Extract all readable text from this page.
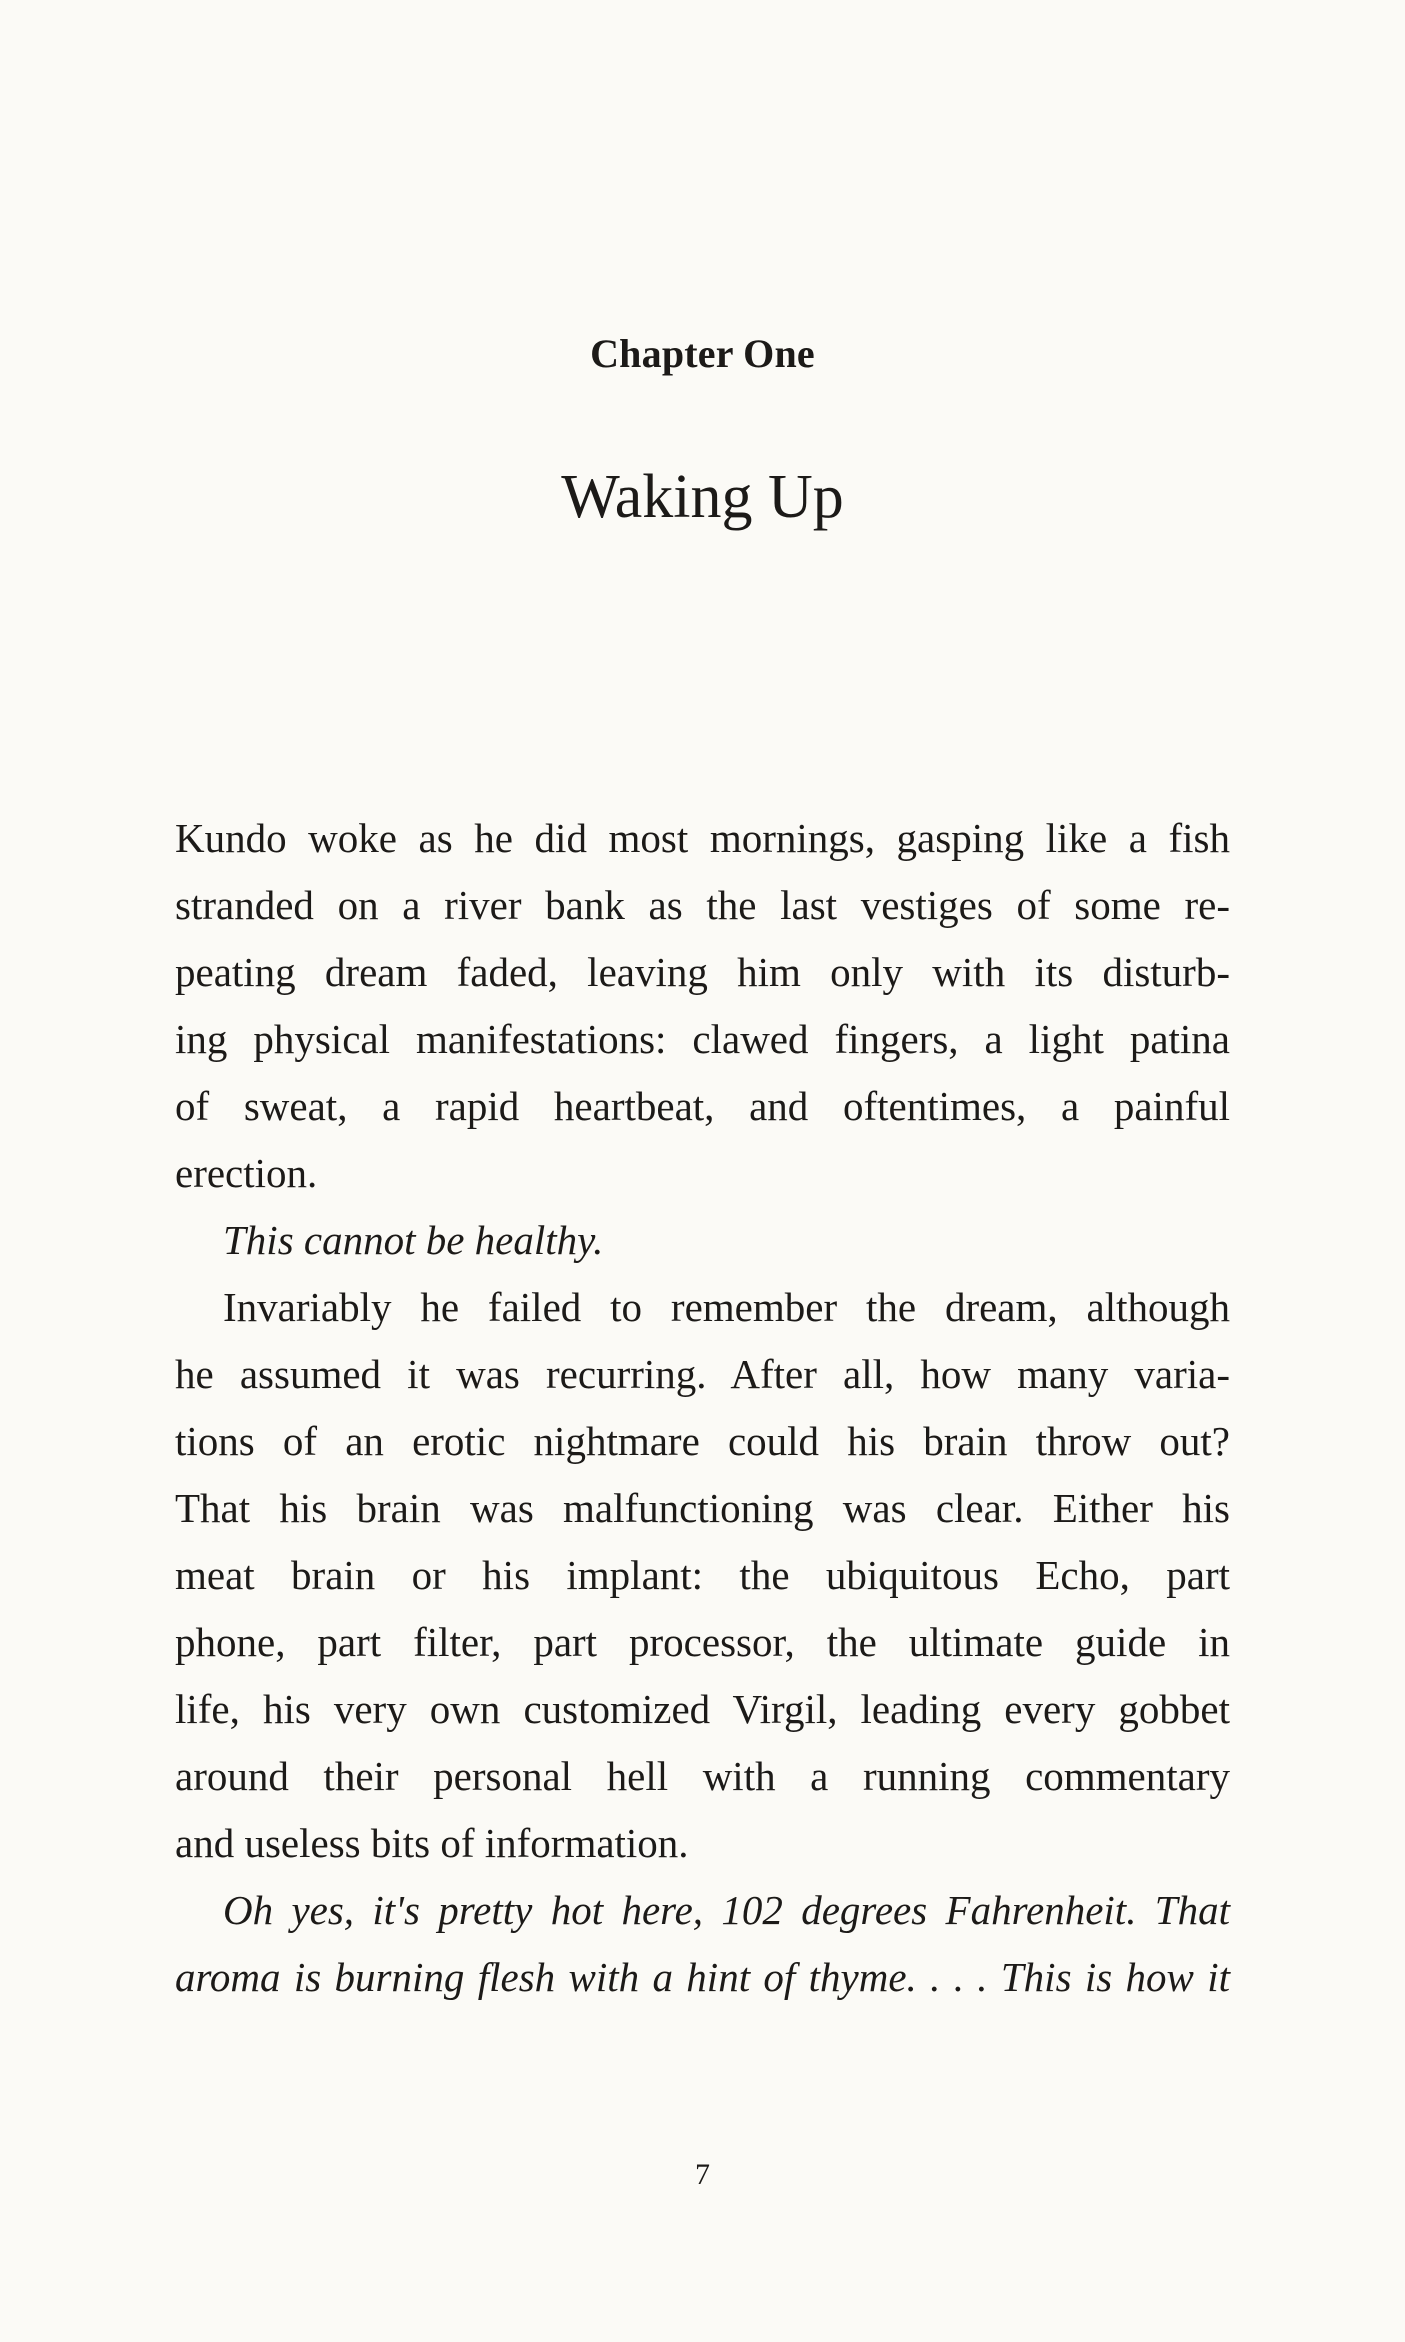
Chapter One
Waking Up
Kundo woke as he did most mornings, gasping like a fish
stranded on a river bank as the last vestiges of some re-
peating dream faded, leaving him only with its disturb-
ing physical manifestations: clawed fingers, a light patina
of sweat, a rapid heartbeat, and oftentimes, a painful
erection.
This cannot be healthy.
Invariably he failed to remember the dream, although
he assumed it was recurring. After all, how many varia-
tions of an erotic nightmare could his brain throw out?
That his brain was malfunctioning was clear. Either his
meat brain or his implant: the ubiquitous Echo, part
phone, part filter, part processor, the ultimate guide in
life, his very own customized Virgil, leading every gobbet
around their personal hell with a running commentary
and useless bits of information.
Oh yes, it's pretty hot here, 102 degrees Fahrenheit. That
aroma is burning flesh with a hint of thyme. . . . This is how it
7
